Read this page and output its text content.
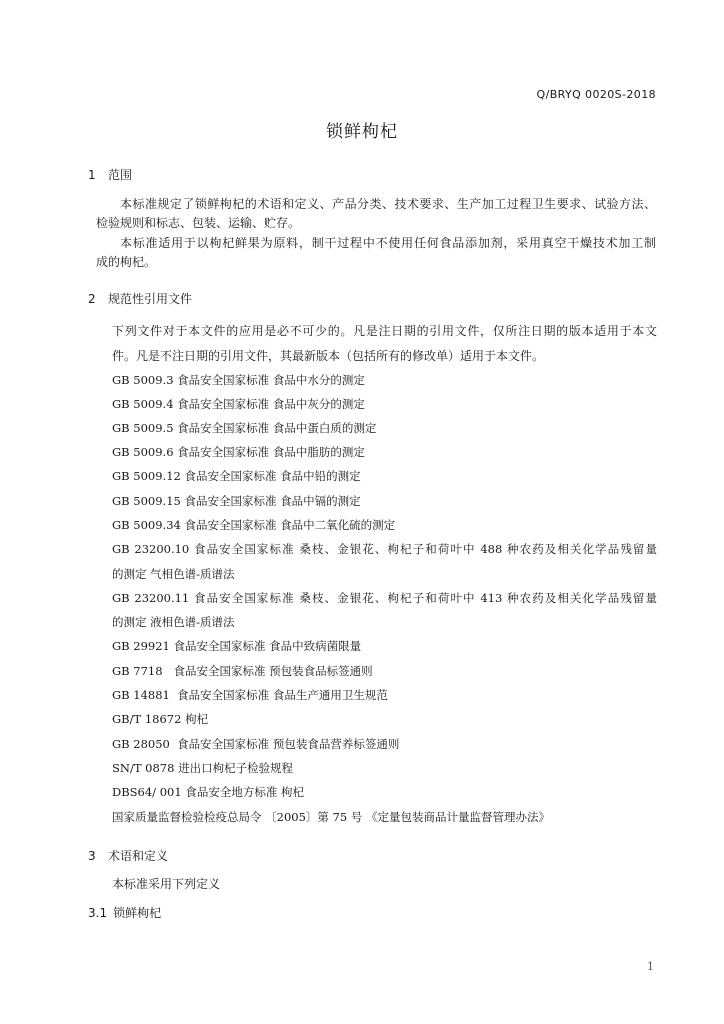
Q/BRYQ 0020S-2018
锁鲜枸杞
1	范围
本标准规定了锁鲜枸杞的术语和定义、产品分类、技术要求、生产加工过程卫生要求、试验方法、
检验规则和标志、包装、运输、贮存。
本标准适用于以枸杞鲜果为原料，制干过程中不使用任何食品添加剂，采用真空干燥技术加工制
成的枸杞。
2	规范性引用文件
下列文件对于本文件的应用是必不可少的。凡是注日期的引用文件，仅所注日期的版本适用于本文
件。凡是不注日期的引用文件，其最新版本（包括所有的修改单）适用于本文件。
GB 5009.3 食品安全国家标准 食品中水分的测定
GB 5009.4 食品安全国家标准 食品中灰分的测定
GB 5009.5 食品安全国家标准 食品中蛋白质的测定
GB 5009.6 食品安全国家标准 食品中脂肪的测定
GB 5009.12 食品安全国家标准 食品中铅的测定
GB 5009.15 食品安全国家标准 食品中镉的测定
GB 5009.34 食品安全国家标准 食品中二氧化硫的测定
GB 23200.10 食品安全国家标准 桑枝、金银花、枸杞子和荷叶中 488 种农药及相关化学品残留量
的测定 气相色谱-质谱法
GB 23200.11 食品安全国家标准 桑枝、金银花、枸杞子和荷叶中 413 种农药及相关化学品残留量
的测定 液相色谱-质谱法
GB 29921 食品安全国家标准 食品中致病菌限量
GB 7718   食品安全国家标准 预包装食品标签通则
GB 14881  食品安全国家标准 食品生产通用卫生规范
GB/T 18672 枸杞
GB 28050  食品安全国家标准 预包装食品营养标签通则
SN/T 0878 进出口枸杞子检验规程
DBS64/ 001 食品安全地方标准 枸杞
国家质量监督检验检疫总局令 〔2005〕第 75 号 《定量包装商品计量监督管理办法》
3	术语和定义
本标准采用下列定义
3.1 锁鲜枸杞
1
